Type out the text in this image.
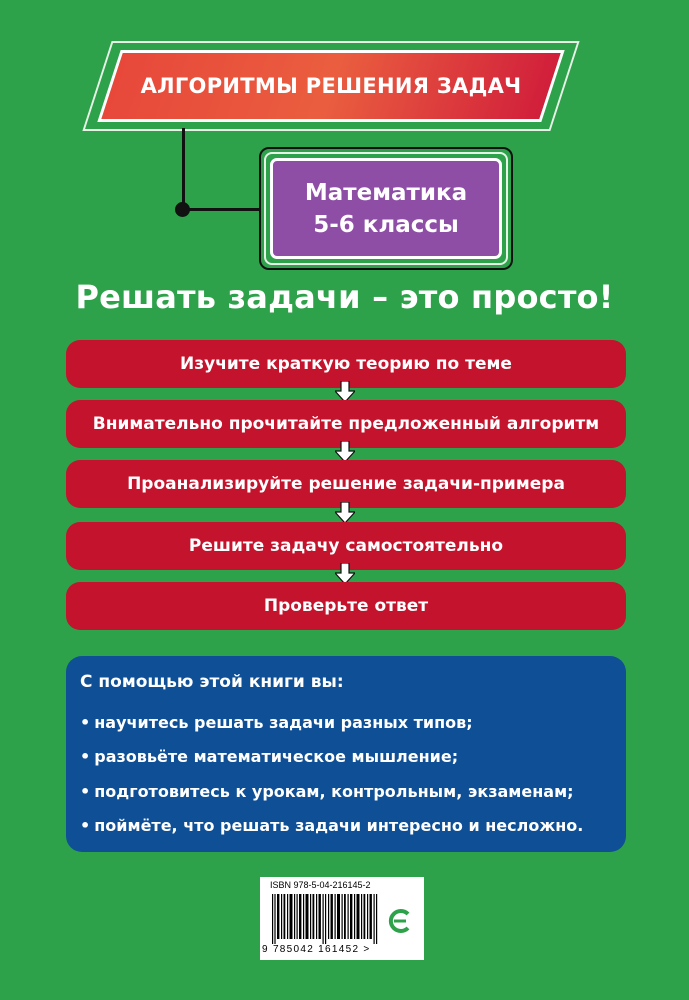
АЛГОРИТМЫ РЕШЕНИЯ ЗАДАЧ
Математика
5-6 классы
Решать задачи – это просто!
Изучите краткую теорию по теме
Внимательно прочитайте предложенный алгоритм
Проанализируйте решение задачи-примера
Решите задачу самостоятельно
Проверьте ответ
С помощью этой книги вы:
• научитесь решать задачи разных типов;
• разовьёте математическое мышление;
• подготовитесь к урокам, контрольным, экзаменам;
• поймёте, что решать задачи интересно и несложно.
ISBN 978-5-04-216145-2
9 785042 161452 >
